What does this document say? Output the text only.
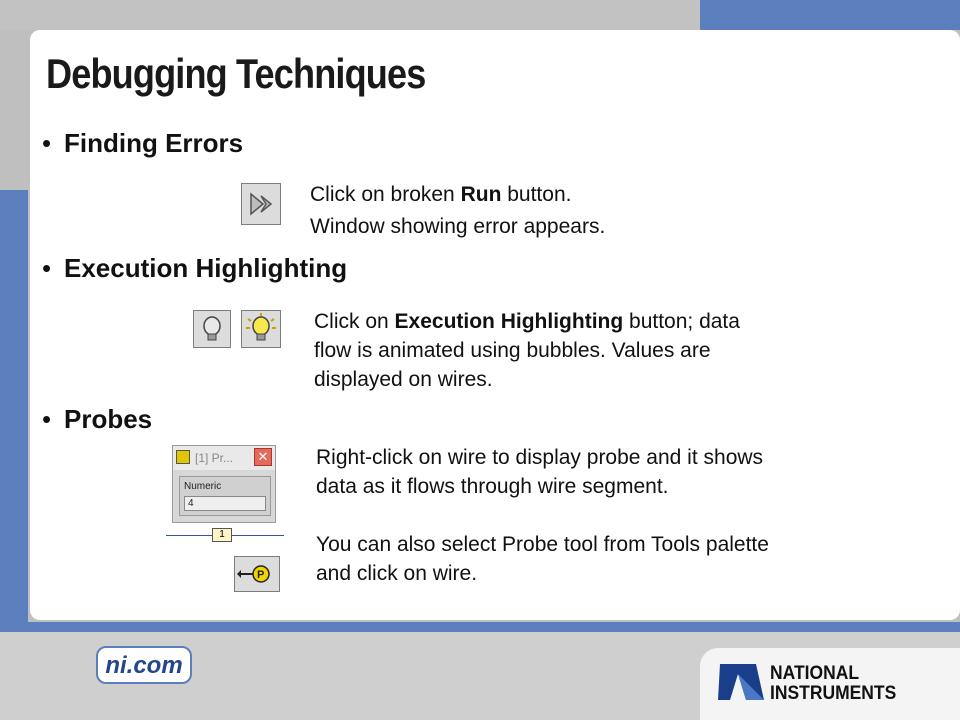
Debugging Techniques
• Finding Errors
Click on broken Run button.
Window showing error appears.
• Execution Highlighting
Click on Execution Highlighting button; data
flow is animated using bubbles. Values are
displayed on wires.
• Probes
[1] Pr... ✕
Numeric
4
1
P
Right-click on wire to display probe and it shows
data as it flows through wire segment.
You can also select Probe tool from Tools palette
and click on wire.
ni.com	NATIONAL
INSTRUMENTS
